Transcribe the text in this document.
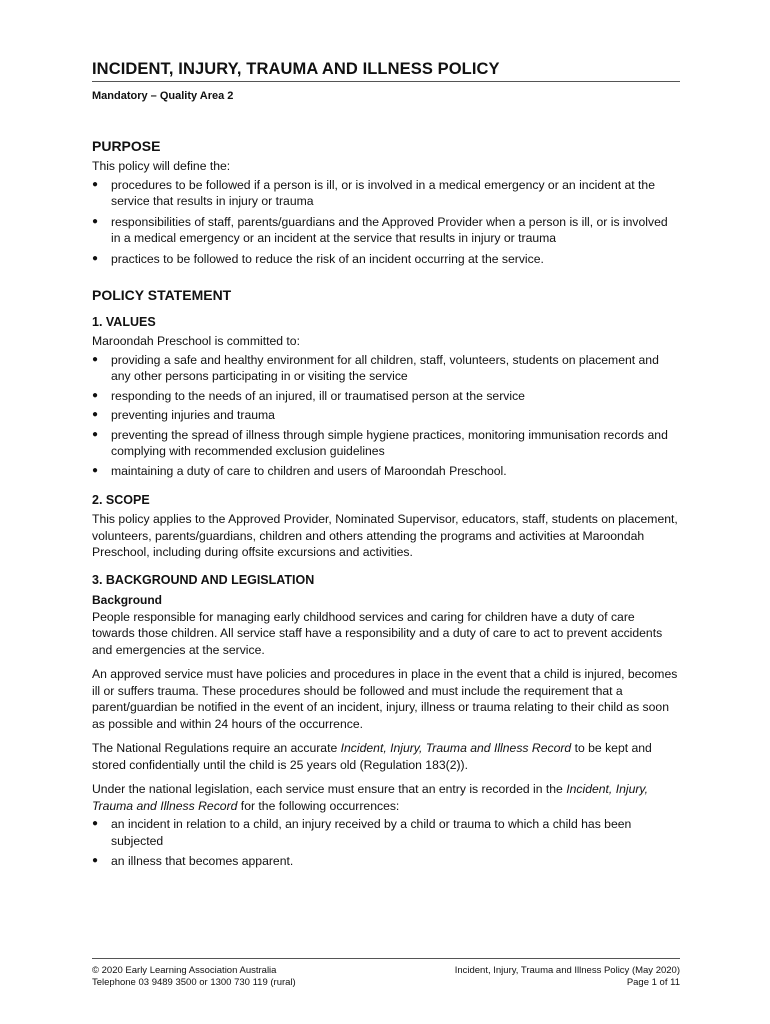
INCIDENT, INJURY, TRAUMA AND ILLNESS POLICY
Mandatory – Quality Area 2
PURPOSE

This policy will define the:

● procedures to be followed if a person is ill, or is involved in a medical emergency or an incident at the service that results in injury or trauma
● responsibilities of staff, parents/guardians and the Approved Provider when a person is ill, or is involved in a medical emergency or an incident at the service that results in injury or trauma
● practices to be followed to reduce the risk of an incident occurring at the service.
POLICY STATEMENT
1. VALUES

Maroondah Preschool is committed to:

● providing a safe and healthy environment for all children, staff, volunteers, students on placement and any other persons participating in or visiting the service
● responding to the needs of an injured, ill or traumatised person at the service
● preventing injuries and trauma
● preventing the spread of illness through simple hygiene practices, monitoring immunisation records and complying with recommended exclusion guidelines
● maintaining a duty of care to children and users of Maroondah Preschool.
2. SCOPE

This policy applies to the Approved Provider, Nominated Supervisor, educators, staff, students on placement, volunteers, parents/guardians, children and others attending the programs and activities at Maroondah Preschool, including during offsite excursions and activities.

3. BACKGROUND AND LEGISLATION
Background

People responsible for managing early childhood services and caring for children have a duty of care towards those children. All service staff have a responsibility and a duty of care to act to prevent accidents and emergencies at the service.

An approved service must have policies and procedures in place in the event that a child is injured, becomes ill or suffers trauma. These procedures should be followed and must include the requirement that a parent/guardian be notified in the event of an incident, injury, illness or trauma relating to their child as soon as possible and within 24 hours of the occurrence.

The National Regulations require an accurate Incident, Injury, Trauma and Illness Record to be kept and stored confidentially until the child is 25 years old (Regulation 183(2)).

Under the national legislation, each service must ensure that an entry is recorded in the Incident, Injury, Trauma and Illness Record for the following occurrences:

● an incident in relation to a child, an injury received by a child or trauma to which a child has been subjected
● an illness that becomes apparent.
© 2020 Early Learning Association Australia
Telephone 03 9489 3500 or 1300 730 119 (rural)
Incident, Injury, Trauma and Illness Policy (May 2020)
Page 1 of 11
